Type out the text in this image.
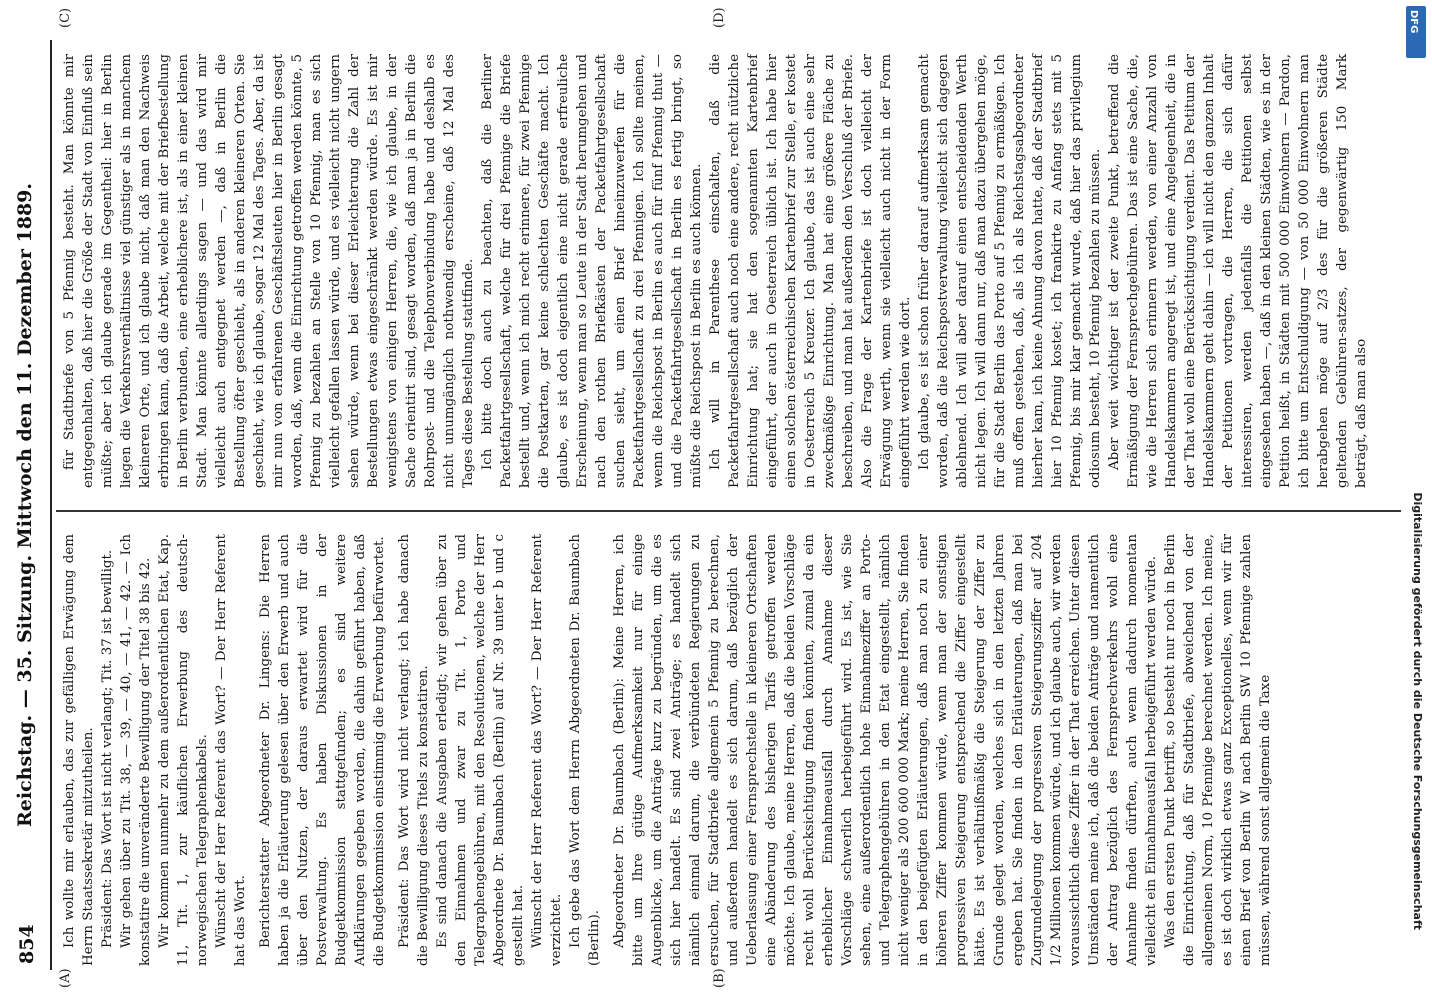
854
Reichstag. — 35. Sitzung. Mittwoch den 11. Dezember 1889.
(A)	(B)
(C)	(D)

Ich wollte mir erlauben, das zur gefälligen Erwägung dem Herrn Staatssekretär mitzutheilen. Präsident: Das Wort ist nicht verlangt; Tit. 37 ist bewilligt. Wir gehen über zu Tit. 38, — 39, — 40, — 41, — 42. — Ich konstatire die unveränderte Bewilligung der Titel 38 bis 42. Wir kommen nunmehr zu dem außerordentlichen Etat, Kap. 11, Tit. 1, zur käuflichen Erwerbung des deutsch-norwegischen Telegraphenkabels. Wünscht der Herr Referent das Wort? — Der Herr Referent hat das Wort. Berichterstatter Abgeordneter Dr. Lingens: Die Herren haben ja die Erläuterung gelesen über den Erwerb und auch über den Nutzen, der daraus erwartet wird für die Postverwaltung. Es haben Diskussionen in der Budgetkommission stattgefunden; es sind weitere Aufklärungen gegeben worden, die dahin geführt haben, daß die Budgetkommission einstimmig die Erwerbung befürwortet. Präsident: Das Wort wird nicht verlangt; ich habe danach die Bewilligung dieses Titels zu konstatiren. Es sind danach die Ausgaben erledigt; wir gehen über zu den Einnahmen und zwar zu Tit. 1, Porto und Telegraphengebühren, mit den Resolutionen, welche der Herr Abgeordnete Dr. Baumbach (Berlin) auf Nr. 39 unter b und c gestellt hat. Wünscht der Herr Referent das Wort? — Der Herr Referent verzichtet. Ich gebe das Wort dem Herrn Abgeordneten Dr. Baumbach (Berlin). Abgeordneter Dr. Baumbach (Berlin): Meine Herren, ich bitte um Ihre gütige Aufmerksamkeit nur für einige Augenblicke, um die Anträge kurz zu begründen, um die es sich hier handelt. Es sind zwei Anträge; es handelt sich nämlich einmal darum, die verbündeten Regierungen zu ersuchen, für Stadtbriefe allgemein 5 Pfennig zu berechnen, und außerdem handelt es sich darum, daß bezüglich der Ueberlassung einer Fernsprechstelle in kleineren Ortschaften eine Abänderung des bisherigen Tarifs getroffen werden möchte. Ich glaube, meine Herren, daß die beiden Vorschläge recht wohl Berücksichtigung finden könnten, zumal da ein erheblicher Einnahmeausfall durch Annahme dieser Vorschläge schwerlich herbeigeführt wird. Es ist, wie Sie sehen, eine außerordentlich hohe Einnahmeziffer an Porto- und Telegraphengebühren in den Etat eingestellt, nämlich nicht weniger als 200 600 000 Mark; meine Herren, Sie finden in den beigefügten Erläuterungen, daß man noch zu einer höheren Ziffer kommen würde, wenn man der sonstigen progressiven Steigerung entsprechend die Ziffer eingestellt hätte. Es ist verhältnißmäßig die Steigerung der Ziffer zu Grunde gelegt worden, welches sich in den letzten Jahren ergeben hat. Sie finden in den Erläuterungen, daß man bei Zugrundelegung der progressiven Steigerungsziffer auf 204 1/2 Millionen kommen würde, und ich glaube auch, wir werden voraussichtlich diese Ziffer in der That erreichen. Unter diesen Umständen meine ich, daß die beiden Anträge und namentlich der Antrag bezüglich des Fernsprechverkehrs wohl eine Annahme finden dürften, auch wenn dadurch momentan vielleicht ein Einnahmeausfall herbeigeführt werden würde. Was den ersten Punkt betrifft, so besteht nur noch in Berlin die Einrichtung, daß für Stadtbriefe, abweichend von der allgemeinen Norm, 10 Pfennige berechnet werden. Ich meine, es ist doch wirklich etwas ganz Exceptionelles, wenn wir für einen Brief von Berlin W nach Berlin SW 10 Pfennige zahlen müssen, während sonst allgemein die Taxe

für Stadtbriefe von 5 Pfennig besteht. Man könnte mir entgegenhalten, daß hier die Größe der Stadt von Einfluß sein müßte; aber ich glaube gerade im Gegentheil: hier in Berlin liegen die Verkehrsverhältnisse viel günstiger als in manchem kleineren Orte, und ich glaube nicht, daß man den Nachweis erbringen kann, daß die Arbeit, welche mit der Briefbestellung in Berlin verbunden, eine erheblichere ist, als in einer kleinen Stadt. Man könnte allerdings sagen — und das wird mir vielleicht auch entgegnet werden —, daß in Berlin die Bestellung öfter geschieht, als in anderen kleineren Orten. Sie geschieht, wie ich glaube, sogar 12 Mal des Tages. Aber, da ist mir nun von erfahrenen Geschäftsleuten hier in Berlin gesagt worden, daß, wenn die Einrichtung getroffen werden könnte, 5 Pfennig zu bezahlen an Stelle von 10 Pfennig, man es sich vielleicht gefallen lassen würde, und es vielleicht nicht ungern sehen würde, wenn bei dieser Erleichterung die Zahl der Bestellungen etwas eingeschränkt werden würde. Es ist mir wenigstens von einigen Herren, die, wie ich glaube, in der Sache orientirt sind, gesagt worden, daß man ja in Berlin die Rohrpost- und die Telephonverbindung habe und deshalb es nicht unumgänglich nothwendig erscheine, daß 12 Mal des Tages diese Bestellung stattfinde. Ich bitte doch auch zu beachten, daß die Berliner Packetfahrtgesellschaft, welche für drei Pfennige die Briefe bestellt und, wenn ich mich recht erinnere, für zwei Pfennige die Postkarten, gar keine schlechten Geschäfte macht. Ich glaube, es ist doch eigentlich eine nicht gerade erfreuliche Erscheinung, wenn man so Leute in der Stadt herumgehen und nach den rothen Briefkästen der Packetfahrtgesellschaft suchen sieht, um einen Brief hineinzuwerfen für die Packetfahrtgesellschaft zu drei Pfennigen. Ich sollte meinen, wenn die Reichspost in Berlin es auch für fünf Pfennig thut — und die Packetfahrtgesellschaft in Berlin es fertig bringt, so müßte die Reichspost in Berlin es auch können. Ich will in Parenthese einschalten, daß die Packetfahrtgesellschaft auch noch eine andere, recht nützliche Einrichtung hat; sie hat den sogenannten Kartenbrief eingeführt, der auch in Oesterreich üblich ist. Ich habe hier einen solchen österreichischen Kartenbrief zur Stelle, er kostet in Oesterreich 5 Kreuzer. Ich glaube, das ist auch eine sehr zweckmäßige Einrichtung. Man hat eine größere Fläche zu beschreiben, und man hat außerdem den Verschluß der Briefe. Also die Frage der Kartenbriefe ist doch vielleicht der Erwägung werth, wenn sie vielleicht auch nicht in der Form eingeführt werden wie dort. Ich glaube, es ist schon früher darauf aufmerksam gemacht worden, daß die Reichspostverwaltung vielleicht sich dagegen ablehnend. Ich will aber darauf einen entscheidenden Werth nicht legen. Ich will dann nur, daß man dazu übergehen möge, für die Stadt Berlin das Porto auf 5 Pfennig zu ermäßigen. Ich muß offen gestehen, daß, als ich als Reichstagsabgeordneter hierher kam, ich keine Ahnung davon hatte, daß der Stadtbrief hier 10 Pfennig kostet; ich frankirte zu Anfang stets mit 5 Pfennig, bis mir klar gemacht wurde, daß hier das privilegium odiosum besteht, 10 Pfennig bezahlen zu müssen. Aber weit wichtiger ist der zweite Punkt, betreffend die Ermäßigung der Fernsprechgebühren. Das ist eine Sache, die, wie die Herren sich erinnern werden, von einer Anzahl von Handelskammern angeregt ist, und eine Angelegenheit, die in der That wohl eine Berücksichtigung verdient. Das Petitum der Handelskammern geht dahin — ich will nicht den ganzen Inhalt der Petitionen vortragen, die Herren, die sich dafür interessiren, werden jedenfalls die Petitionen selbst eingesehen haben —, daß in den kleinen Städten, wie es in der Petition heißt, in Städten mit 500 000 Einwohnern — Pardon, ich bitte um Entschuldigung — von 50 000 Einwohnern man herabgehen möge auf 2/3 des für die größeren Städte geltenden Gebühren-satzes, der gegenwärtig 150 Mark beträgt, daß man also

DFG
Digitalisierung gefördert durch die Deutsche Forschungsgemeinschaft
